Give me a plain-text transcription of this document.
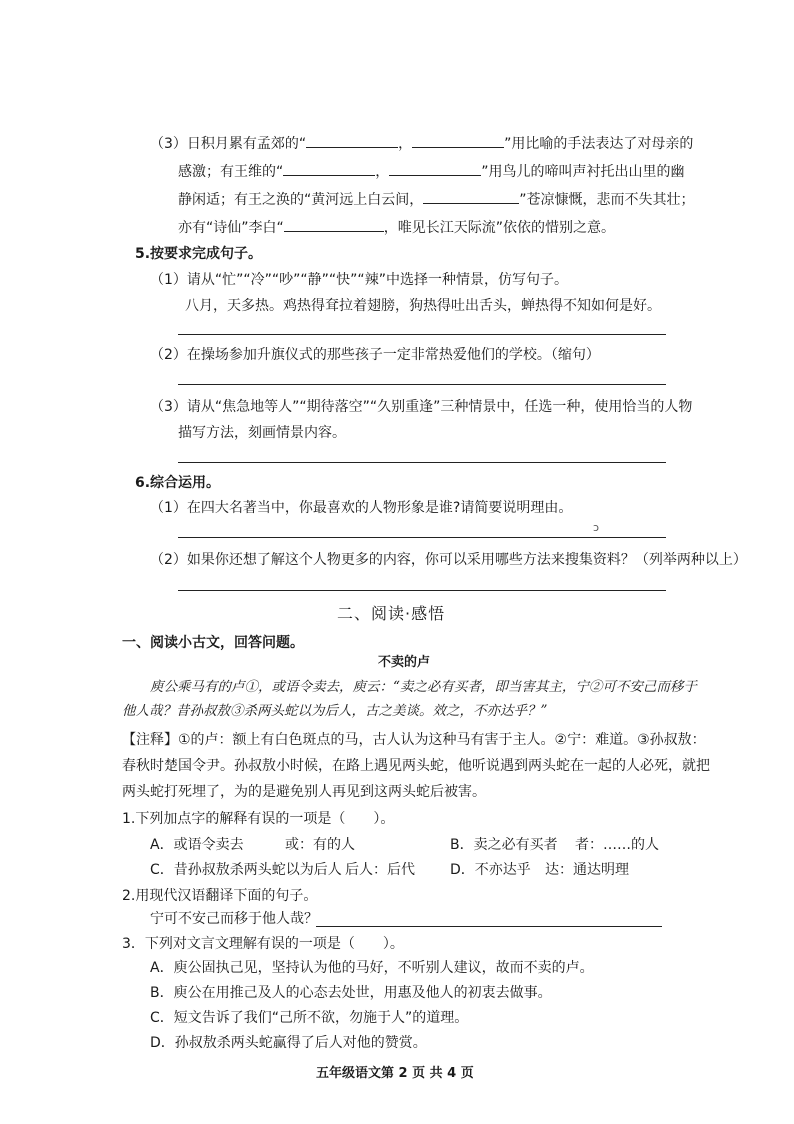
（3）日积月累有孟郊的“	，	”用比喻的手法表达了对母亲的
感激；有王维的“	，	”用鸟儿的啼叫声衬托出山里的幽
静闲适；有王之涣的“黄河远上白云间，	”苍凉慷慨，悲而不失其壮；
亦有“诗仙”李白“	，唯见长江天际流”依依的惜别之意。
5.按要求完成句子。
（1）请从“忙”“冷”“吵”“静”“快”“辣”中选择一种情景，仿写句子。
八月，天多热。鸡热得耷拉着翅膀，狗热得吐出舌头，蝉热得不知如何是好。
（2）在操场参加升旗仪式的那些孩子一定非常热爱他们的学校。（缩句）
（3）请从“焦急地等人”“期待落空”“久别重逢”三种情景中，任选一种，使用恰当的人物
描写方法，刻画情景内容。
6.综合运用。
（1）在四大名著当中，你最喜欢的人物形象是谁?请简要说明理由。
ↄ
（2）如果你还想了解这个人物更多的内容，你可以采用哪些方法来搜集资料？（列举两种以上）
二、阅读·感悟
一、阅读小古文，回答问题。
不卖的卢
庾公乘马有的卢①，或语令卖去，庾云：“卖之必有买者，即当害其主，宁②可不安己而移于
他人哉？昔孙叔敖③杀两头蛇以为后人，古之美谈。效之，不亦达乎？”
【注释】①的卢：额上有白色斑点的马，古人认为这种马有害于主人。②宁：难道。③孙叔敖：
春秋时楚国令尹。孙叔敖小时候，在路上遇见两头蛇，他听说遇到两头蛇在一起的人必死，就把
两头蛇打死埋了，为的是避免别人再见到这两头蛇后被害。
1.下列加点字的解释有误的一项是（　　）。
A．或语令卖去	或：有的人	B．卖之必有买者 者：……的人
C．昔孙叔敖杀两头蛇以为后人 后人：后代	D．不亦达乎 达：通达明理
2.用现代汉语翻译下面的句子。
宁可不安己而移于他人哉？
3．下列对文言文理解有误的一项是（　　）。
A．庾公固执己见，坚持认为他的马好，不听别人建议，故而不卖的卢。
B．庾公在用推己及人的心态去处世，用惠及他人的初衷去做事。
C．短文告诉了我们“己所不欲，勿施于人”的道理。
D．孙叔敖杀两头蛇赢得了后人对他的赞赏。
五年级语文第 2 页 共 4 页
